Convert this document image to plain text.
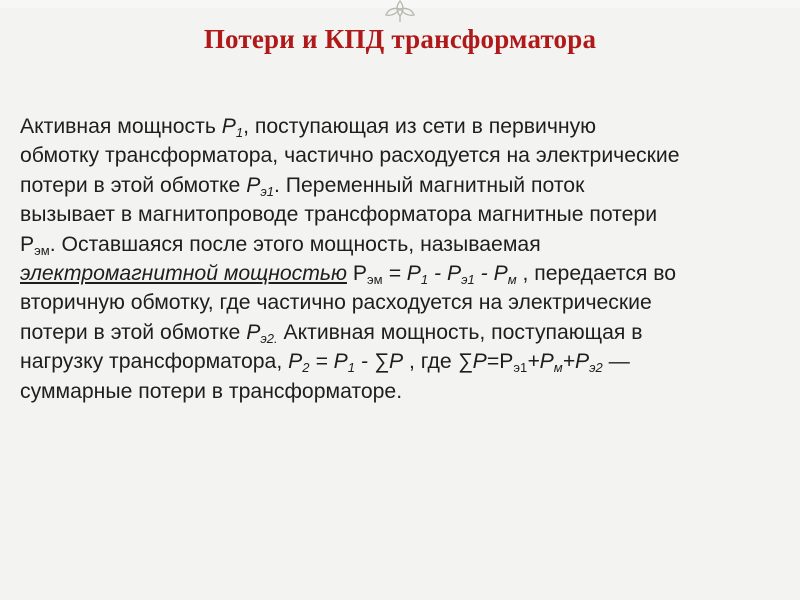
Потери и КПД трансформатора
Активная мощность $P_1$, поступающая из сети в первичную
обмотку трансформатора, частично расходуется на электрические
потери в этой обмотке $P_{э1}$. Переменный магнитный поток
вызывает в магнитопроводе трансформатора магнитные потери
$P_{эм}$. Оставшаяся после этого мощность, называемая
электромагнитной мощностью $P_{эм} = P_1 - P_{э1} - P_м$ , передается во
вторичную обмотку, где частично расходуется на электрические
потери в этой обмотке $P_{э2.}$ Активная мощность, поступающая в
нагрузку трансформатора, $P_2 = P_1 - \sum P$ , где $\sum P=P_{э1}+P_м+P_{э2}$ —
суммарные потери в трансформаторе.
